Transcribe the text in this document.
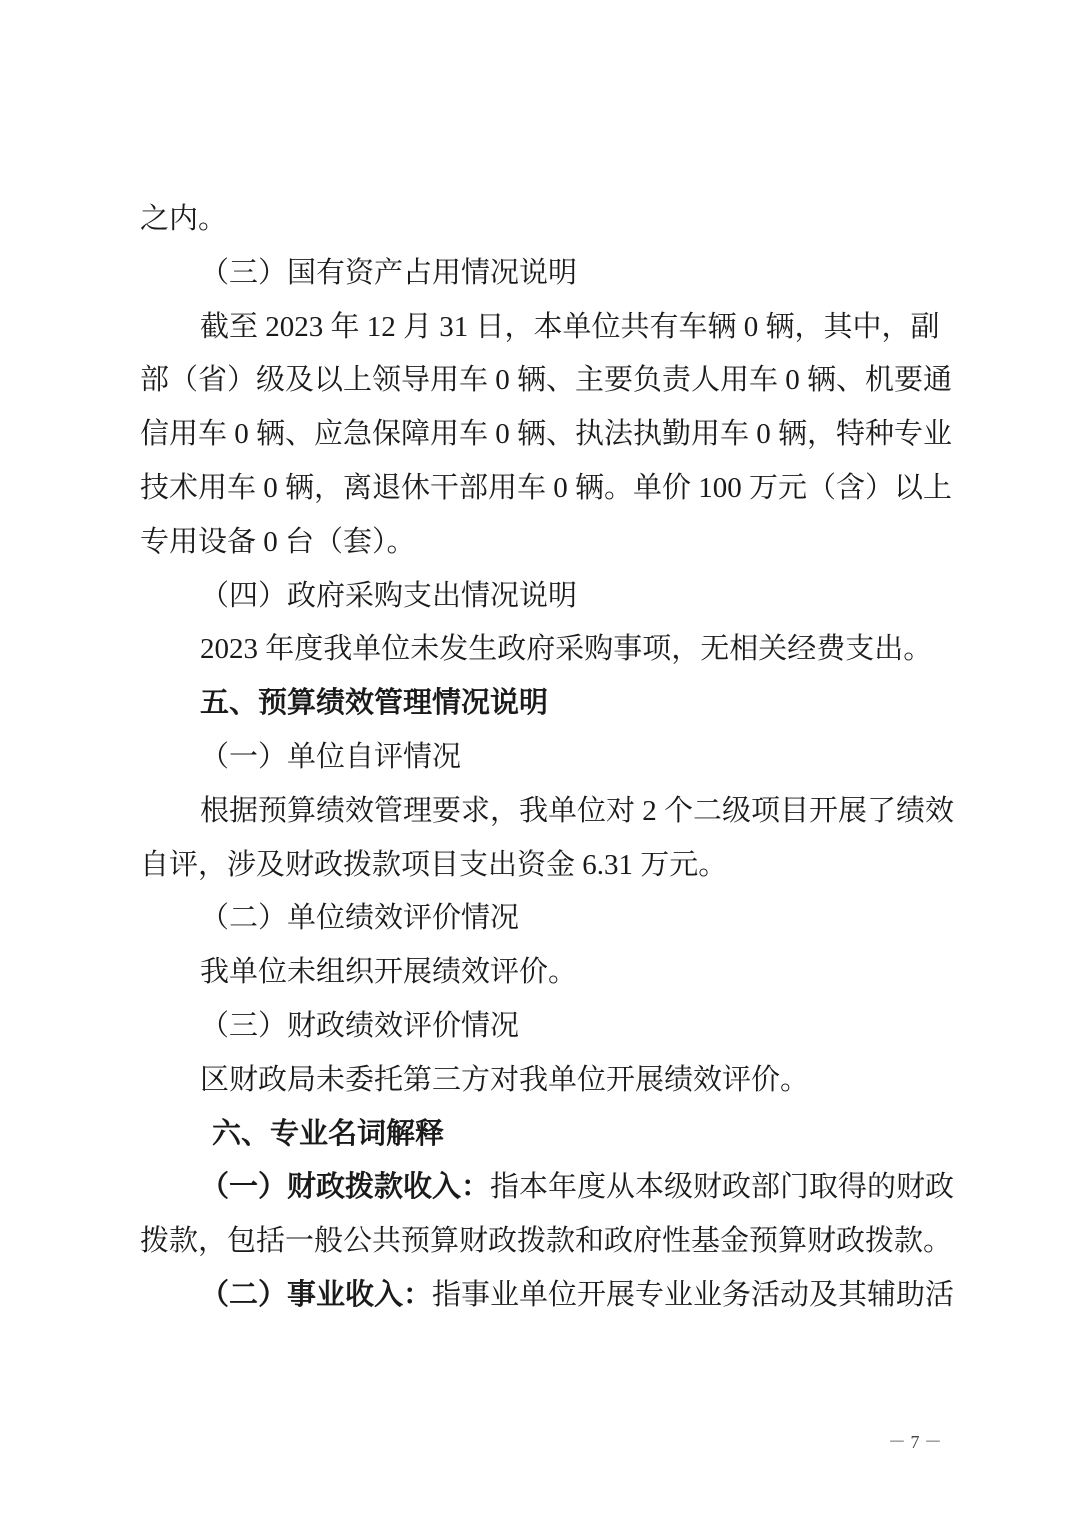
之内。
（三）国有资产占用情况说明
截至 2023 年 12 月 31 日，本单位共有车辆 0 辆，其中，副
部（省）级及以上领导用车 0 辆、主要负责人用车 0 辆、机要通
信用车 0 辆、应急保障用车 0 辆、执法执勤用车 0 辆，特种专业
技术用车 0 辆，离退休干部用车 0 辆。单价 100 万元（含）以上
专用设备 0 台（套）。
（四）政府采购支出情况说明
2023 年度我单位未发生政府采购事项，无相关经费支出。
五、预算绩效管理情况说明
（一）单位自评情况
根据预算绩效管理要求，我单位对 2 个二级项目开展了绩效
自评，涉及财政拨款项目支出资金 6.31 万元。
（二）单位绩效评价情况
我单位未组织开展绩效评价。
（三）财政绩效评价情况
区财政局未委托第三方对我单位开展绩效评价。
六、专业名词解释
（一）财政拨款收入：指本年度从本级财政部门取得的财政
拨款，包括一般公共预算财政拨款和政府性基金预算财政拨款。
（二）事业收入：指事业单位开展专业业务活动及其辅助活
－ 7 －
